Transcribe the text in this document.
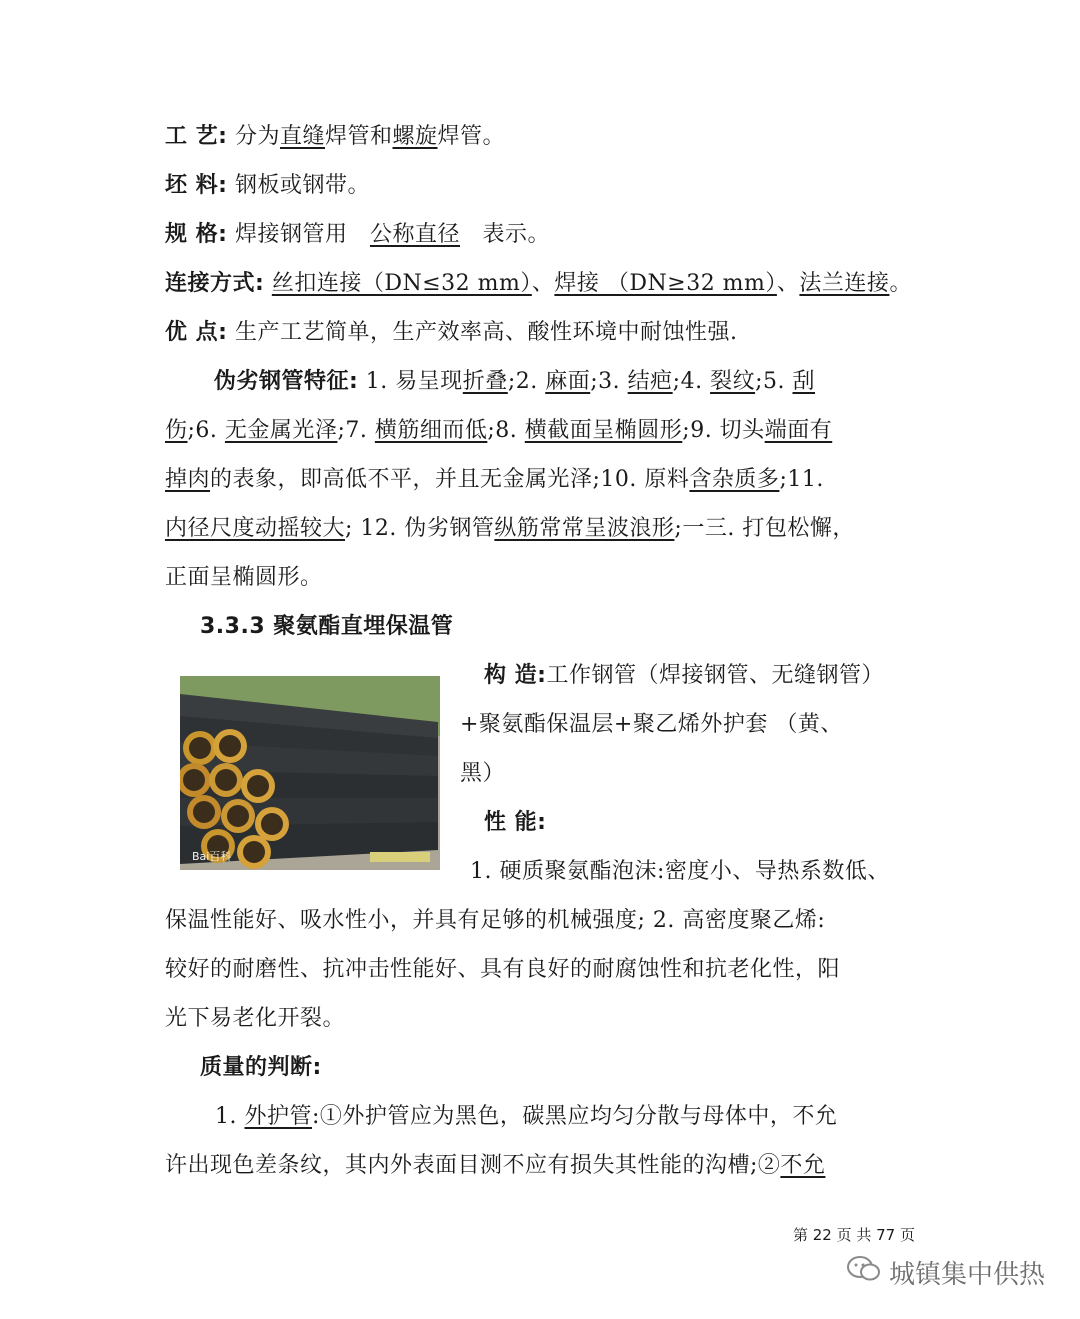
工 艺: 分为直缝焊管和螺旋焊管。
坯 料: 钢板或钢带。
规 格: 焊接钢管用 公称直径 表示。
连接方式: 丝扣连接（DN≤32 mm）、焊接 （DN≥32 mm）、法兰连接。
优 点: 生产工艺简单，生产效率高、酸性环境中耐蚀性强.
伪劣钢管特征: 1. 易呈现折叠;2. 麻面;3. 结疤;4. 裂纹;5. 刮
伤;6. 无金属光泽;7. 横筋细而低;8. 横截面呈椭圆形;9. 切头端面有
掉肉的表象，即高低不平，并且无金属光泽;10. 原料含杂质多;11.
内径尺度动摇较大; 12. 伪劣钢管纵筋常常呈波浪形;一三. 打包松懈，
正面呈椭圆形。
3.3.3 聚氨酯直埋保温管
Bai百科
构 造:工作钢管（焊接钢管、无缝钢管）
+聚氨酯保温层+聚乙烯外护套 （黄、
黑）
性 能:
1. 硬质聚氨酯泡沫:密度小、导热系数低、
保温性能好、吸水性小，并具有足够的机械强度; 2. 高密度聚乙烯:
较好的耐磨性、抗冲击性能好、具有良好的耐腐蚀性和抗老化性，阳
光下易老化开裂。
质量的判断:
1. 外护管:①外护管应为黑色，碳黑应均匀分散与母体中，不允
许出现色差条纹，其内外表面目测不应有损失其性能的沟槽;②不允
第 22 页 共 77 页
城镇集中供热
